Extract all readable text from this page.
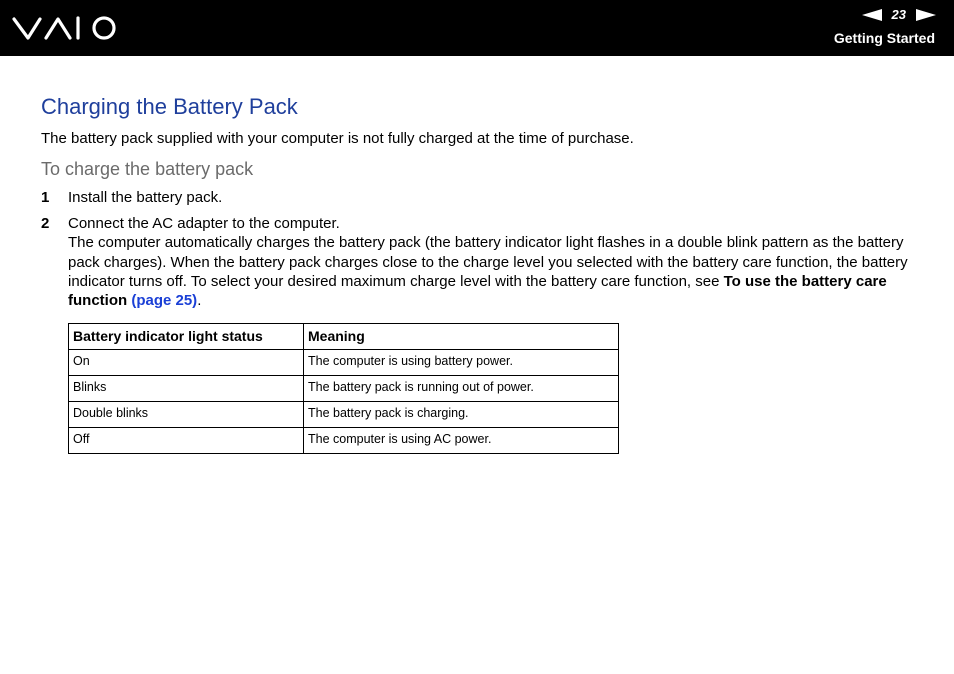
23
Getting Started
Charging the Battery Pack
The battery pack supplied with your computer is not fully charged at the time of purchase.
To charge the battery pack
1 Install the battery pack.
2 Connect the AC adapter to the computer.
The computer automatically charges the battery pack (the battery indicator light flashes in a double blink pattern as the battery pack charges). When the battery pack charges close to the charge level you selected with the battery care function, the battery indicator turns off. To select your desired maximum charge level with the battery care function, see To use the battery care function (page 25).
Battery indicator light status	Meaning
On	The computer is using battery power.
Blinks	The battery pack is running out of power.
Double blinks	The battery pack is charging.
Off	The computer is using AC power.
